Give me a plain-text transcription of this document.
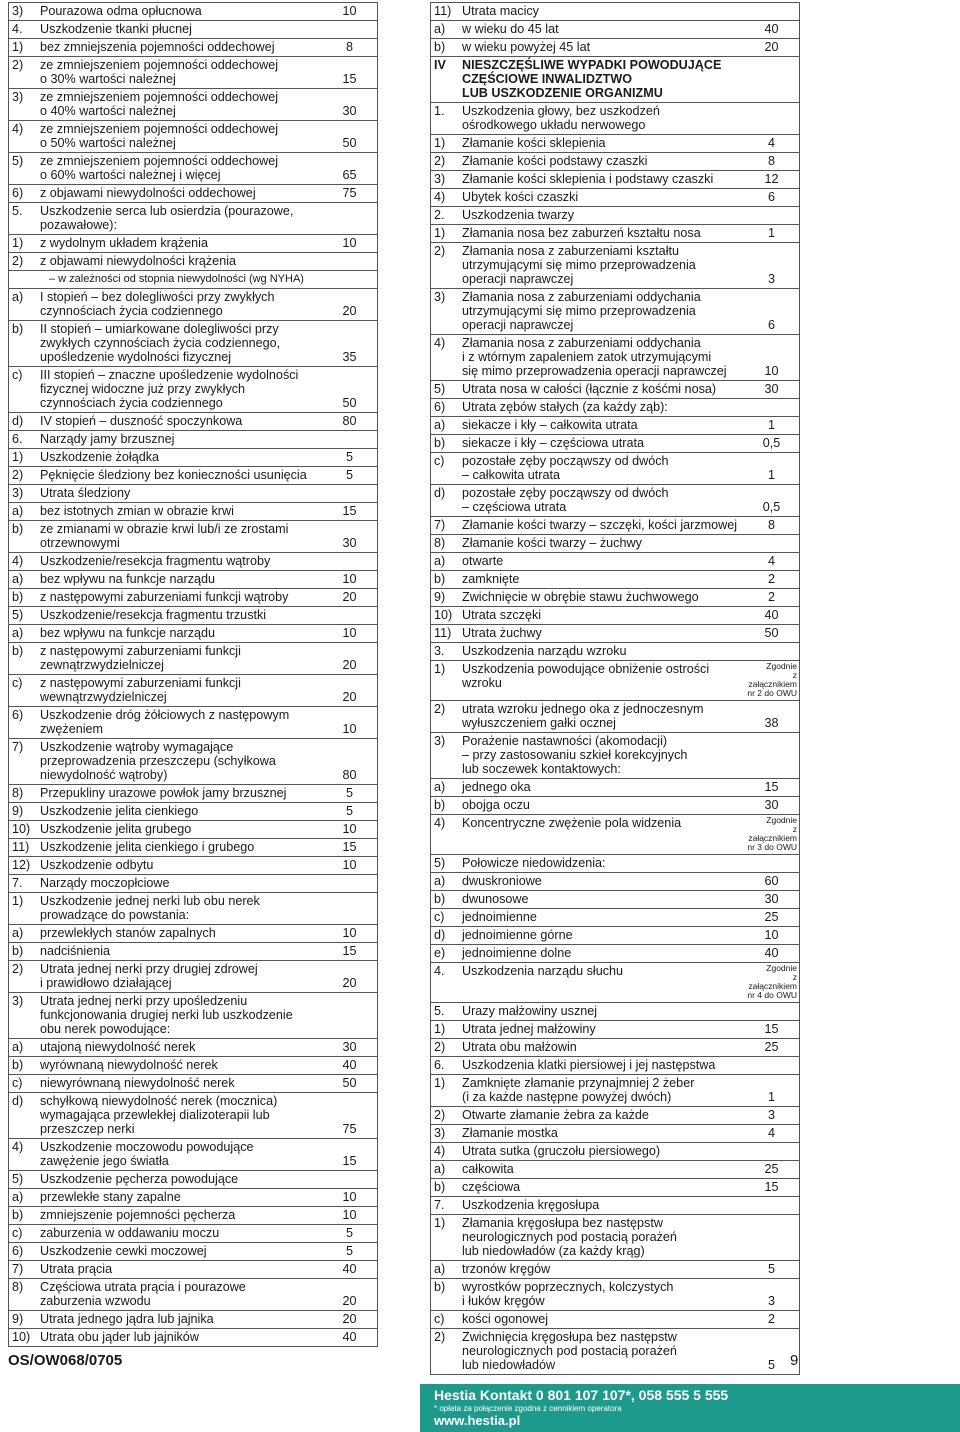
3)	Pourazowa odma opłucnowa	10
4.	Uszkodzenie tkanki płucnej
1)	bez zmniejszenia pojemności oddechowej	8
2)	ze zmniejszeniem pojemności oddechowej
o 30% wartości należnej	15
3)	ze zmniejszeniem pojemności oddechowej
o 40% wartości należnej	30
4)	ze zmniejszeniem pojemności oddechowej
o 50% wartości należnej	50
5)	ze zmniejszeniem pojemności oddechowej
o 60% wartości należnej i więcej	65
6)	z objawami niewydolności oddechowej	75
5.	Uszkodzenie serca lub osierdzia (pourazowe,
pozawałowe):
1)	z wydolnym układem krążenia	10
2)	z objawami niewydolności krążenia
– w zależności od stopnia niewydolności (wg NYHA)
a)	I stopień – bez dolegliwości przy zwykłych
czynnościach życia codziennego	20
b)	II stopień – umiarkowane dolegliwości przy
zwykłych czynnościach życia codziennego,
upośledzenie wydolności fizycznej	35
c)	III stopień – znaczne upośledzenie wydolności
fizycznej widoczne już przy zwykłych
czynnościach życia codziennego	50
d)	IV stopień – duszność spoczynkowa	80
6.	Narządy jamy brzusznej
1)	Uszkodzenie żołądka	5
2)	Pęknięcie śledziony bez konieczności usunięcia	5
3)	Utrata śledziony
a)	bez istotnych zmian w obrazie krwi	15
b)	ze zmianami w obrazie krwi lub/i ze zrostami
otrzewnowymi	30
4)	Uszkodzenie/resekcja fragmentu wątroby
a)	bez wpływu na funkcje narządu	10
b)	z następowymi zaburzeniami funkcji wątroby	20
5)	Uszkodzenie/resekcja fragmentu trzustki
a)	bez wpływu na funkcje narządu	10
b)	z następowymi zaburzeniami funkcji
zewnątrzwydzielniczej	20
c)	z następowymi zaburzeniami funkcji
wewnątrzwydzielniczej	20
6)	Uszkodzenie dróg żółciowych z następowym
zwężeniem	10
7)	Uszkodzenie wątroby wymagające
przeprowadzenia przeszczepu (schyłkowa
niewydolność wątroby)	80
8)	Przepukliny urazowe powłok jamy brzusznej	5
9)	Uszkodzenie jelita cienkiego	5
10) Uszkodzenie jelita grubego	10
11) Uszkodzenie jelita cienkiego i grubego	15
12) Uszkodzenie odbytu	10
7.	Narządy moczopłciowe
1)	Uszkodzenie jednej nerki lub obu nerek
prowadzące do powstania:
a)	przewlekłych stanów zapalnych	10
b)	nadciśnienia	15
2)	Utrata jednej nerki przy drugiej zdrowej
i prawidłowo działającej	20
3)	Utrata jednej nerki przy upośledzeniu
funkcjonowania drugiej nerki lub uszkodzenie
obu nerek powodujące:
a)	utajoną niewydolność nerek	30
b)	wyrównaną niewydolność nerek	40
c)	niewyrównaną niewydolność nerek	50
d)	schyłkową niewydolność nerek (mocznica)
wymagająca przewlekłej dializoterapii lub
przeszczep nerki	75
4)	Uszkodzenie moczowodu powodujące
zawężenie jego światła	15
5)	Uszkodzenie pęcherza powodujące
a)	przewlekłe stany zapalne	10
b)	zmniejszenie pojemności pęcherza	10
c)	zaburzenia w oddawaniu moczu	5
6)	Uszkodzenie cewki moczowej	5
7)	Utrata prącia	40
8)	Częściowa utrata prącia i pourazowe
zaburzenia wzwodu	20
9)	Utrata jednego jądra lub jajnika	20
10) Utrata obu jąder lub jajników	40
11) Utrata macicy
a)	w wieku do 45 lat	40
b)	w wieku powyżej 45 lat	20
IV	NIESZCZĘŚLIWE WYPADKI POWODUJĄCE
CZĘŚCIOWE INWALIDZTWO
LUB USZKODZENIE ORGANIZMU
1.	Uszkodzenia głowy, bez uszkodzeń
ośrodkowego układu nerwowego
1)	Złamanie kości sklepienia	4
2)	Złamanie kości podstawy czaszki	8
3)	Złamanie kości sklepienia i podstawy czaszki	12
4)	Ubytek kości czaszki	6
2.	Uszkodzenia twarzy
1)	Złamania nosa bez zaburzeń kształtu nosa	1
2)	Złamania nosa z zaburzeniami kształtu
utrzymującymi się mimo przeprowadzenia
operacji naprawczej	3
3)	Złamania nosa z zaburzeniami oddychania
utrzymującymi się mimo przeprowadzenia
operacji naprawczej	6
4)	Złamania nosa z zaburzeniami oddychania
i z wtórnym zapaleniem zatok utrzymującymi
się mimo przeprowadzenia operacji naprawczej	10
5)	Utrata nosa w całości (łącznie z kośćmi nosa)	30
6)	Utrata zębów stałych (za każdy ząb):
a)	siekacze i kły – całkowita utrata	1
b)	siekacze i kły – częściowa utrata	0,5
c)	pozostałe zęby począwszy od dwóch
– całkowita utrata	1
d)	pozostałe zęby począwszy od dwóch
– częściowa utrata	0,5
7)	Złamanie kości twarzy – szczęki, kości jarzmowej	8
8)	Złamanie kości twarzy – żuchwy
a)	otwarte	4
b)	zamknięte	2
9)	Zwichnięcie w obrębie stawu żuchwowego	2
10) Utrata szczęki	40
11) Utrata żuchwy	50
3.	Uszkodzenia narządu wzroku
1)	Uszkodzenia powodujące obniżenie ostrości
wzroku
Zgodnie
z załącznikiem
nr 2 do OWU
2)	utrata wzroku jednego oka z jednoczesnym
wyłuszczeniem gałki ocznej	38
3)	Porażenie nastawności (akomodacji)
– przy zastosowaniu szkieł korekcyjnych
lub soczewek kontaktowych:
a)	jednego oka	15
b)	obojga oczu	30
4)	Koncentryczne zwężenie pola widzenia	Zgodnie
z załącznikiem
nr 3 do OWU
5)	Połowicze niedowidzenia:
a)	dwuskroniowe	60
b)	dwunosowe	30
c)	jednoimienne	25
d)	jednoimienne górne	10
e)	jednoimienne dolne	40
4.	Uszkodzenia narządu słuchu	Zgodnie
z załącznikiem
nr 4 do OWU
5.	Urazy małżowiny usznej
1)	Utrata jednej małżowiny	15
2)	Utrata obu małżowin	25
6.	Uszkodzenia klatki piersiowej i jej następstwa
1)	Zamknięte złamanie przynajmniej 2 żeber
(i za każde następne powyżej dwóch)	1
2)	Otwarte złamanie żebra za każde	3
3)	Złamanie mostka	4
4)	Utrata sutka (gruczołu piersiowego)
a)	całkowita	25
b)	częściowa	15
7.	Uszkodzenia kręgosłupa
1)	Złamania kręgosłupa bez następstw
neurologicznych pod postacią porażeń
lub niedowładów (za każdy krąg)
a)	trzonów kręgów	5
b)	wyrostków poprzecznych, kolczystych
i łuków kręgów	3
c)	kości ogonowej	2
2)	Zwichnięcia kręgosłupa bez następstw
neurologicznych pod postacią porażeń
lub niedowładów	5
OS/OW068/0705	9
Hestia Kontakt 0 801 107 107*, 058 555 5 555
* opłata za połączenie zgodna z cennikiem operatora
www.hestia.pl
